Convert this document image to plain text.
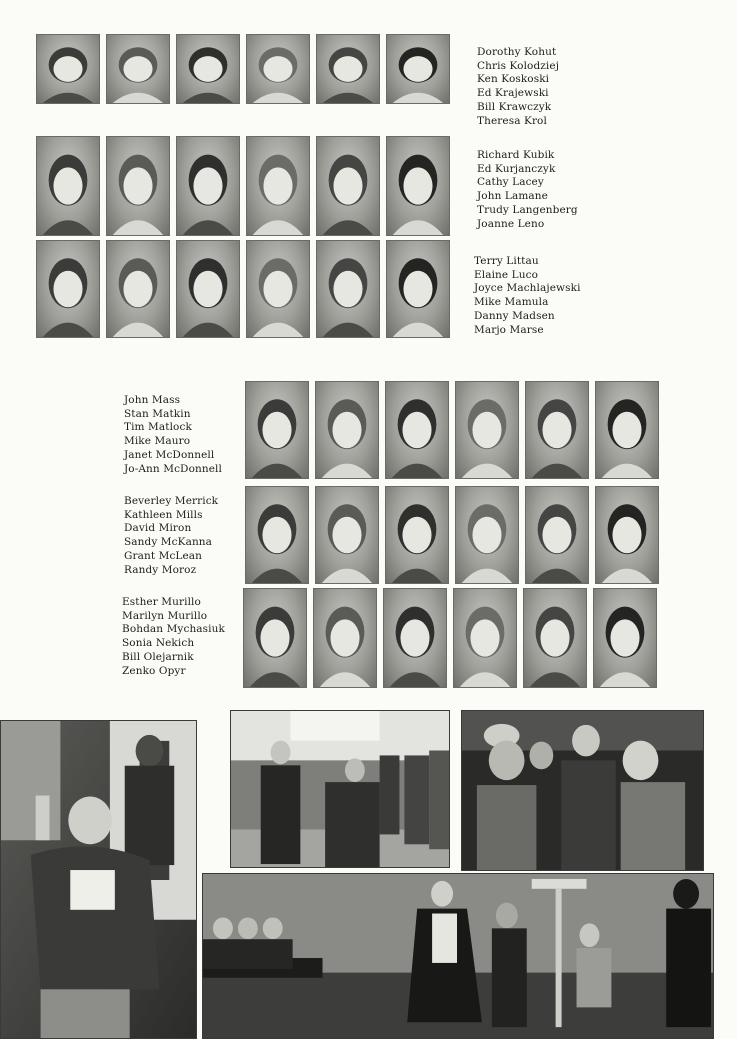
Dorothy Kohut
Chris Kolodziej
Ken Koskoski
Ed Krajewski
Bill Krawczyk
Theresa Krol
Richard Kubik
Ed Kurjanczyk
Cathy Lacey
John Lamane
Trudy Langenberg
Joanne Leno
Terry Littau
Elaine Luco
Joyce Machlajewski
Mike Mamula
Danny Madsen
Marjo Marse
John Mass
Stan Matkin
Tim Matlock
Mike Mauro
Janet McDonnell
Jo-Ann McDonnell
Beverley Merrick
Kathleen Mills
David Miron
Sandy McKanna
Grant McLean
Randy Moroz
Esther Murillo
Marilyn Murillo
Bohdan Mychasiuk
Sonia Nekich
Bill Olejarnik
Zenko Opyr
